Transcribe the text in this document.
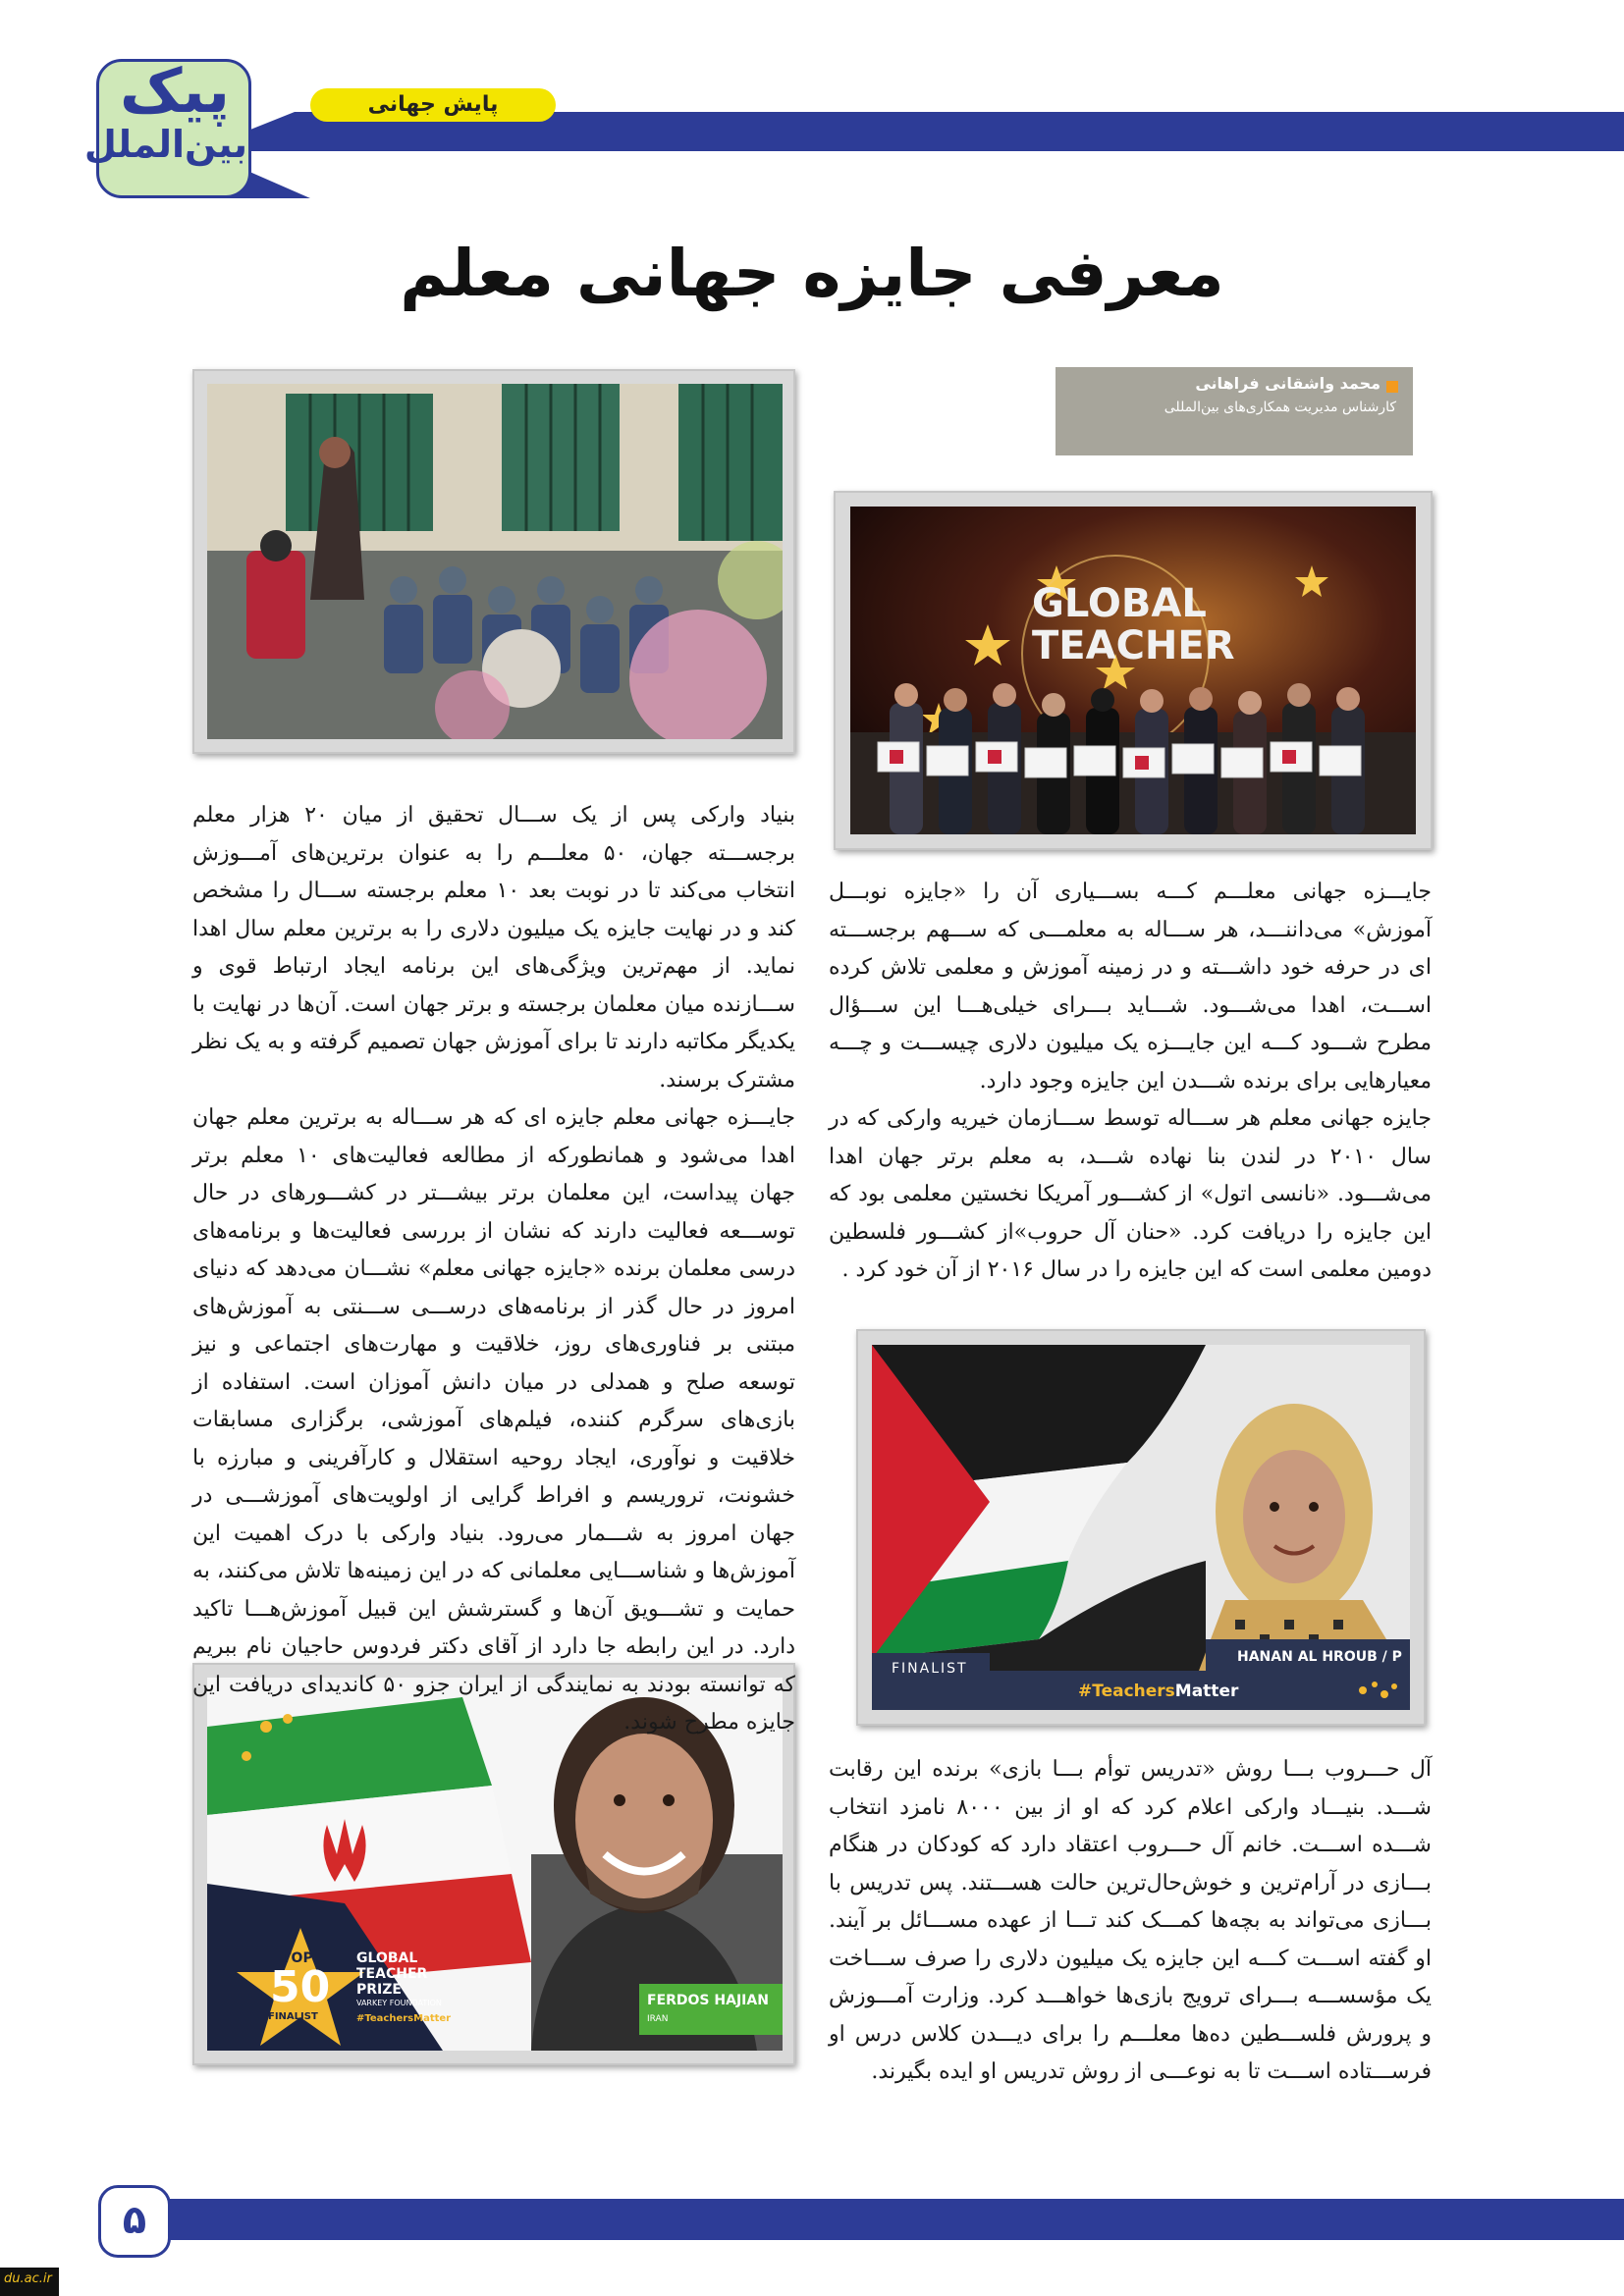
پیک
بین‌الملل
پایش جهانی
معرفی جایزه جهانی معلم
محمد واشقانی فراهانی
کارشناس مدیریت همکاری‌های بین‌المللی
GLOBAL
TEACHER
HANAN AL HROUB / P
FINALIST
#TeachersMatter
TOP
50
FINALIST
GLOBAL
TEACHER
PRIZE
VARKEY FOUNDATION
#TeachersMatter
FERDOS HAJIAN
IRAN

جایـــزه جهانی معلـــم کـــه بســـیاری آن را «جایزه نوبـــل آموزش» می‌داننـــد، هر ســـاله به معلمـــی که ســـهم برجســـته ای در حرفه خود داشـــته و در زمینه آموزش و معلمی تلاش کرده اســـت، اهدا می‌شـــود. شـــاید بـــرای خیلی‌هـــا این ســـؤال مطرح شـــود کـــه این جایـــزه یک میلیون دلاری چیســـت و چـــه معیارهایی برای برنده شـــدن این جایزه وجود دارد.

جایزه جهانی معلم هر ســـاله توسط ســـازمان خیریه وارکی که در سال ۲۰۱۰ در لندن بنا نهاده شـــد، به معلم برتر جهان اهدا می‌شـــود. «نانسی اتول» از کشـــور آمریکا نخستین معلمی بود که این جایزه را دریافت کرد. «حنان آل حروب»از کشـــور فلسطین دومین معلمی است که این جایزه را در سال ۲۰۱۶ از آن خود کرد .

آل حـــروب بـــا روش «تدریس توأم بـــا بازی» برنده این رقابت شـــد. بنیـــاد وارکی اعلام کرد که او از بین ۸۰۰۰ نامزد انتخاب شـــده اســـت. خانم آل حـــروب اعتقاد دارد که کودکان در هنگام بـــازی در آرام‌ترین و خوش‌حال‌ترین حالت هســـتند. پس تدریس با بـــازی می‌تواند به بچه‌ها کمـــک کند تـــا از عهده مســـائل بر آیند. او گفته اســـت کـــه این جایزه یک میلیون دلاری را صرف ســـاخت یک مؤسســـه بـــرای ترویج بازی‌ها خواهـــد کرد. وزارت آمـــوزش و پرورش فلســـطین ده‌ها معلـــم را برای دیـــدن کلاس درس او فرســـتاده اســـت تا به نوعـــی از روش تدریس او ایده بگیرند.

بنیاد وارکی پس از یک ســـال تحقیق از میان ۲۰ هزار معلم برجســـته جهان، ۵۰ معلـــم را به عنوان برترین‌های آمـــوزش انتخاب می‌کند تا در نوبت بعد ۱۰ معلم برجسته ســـال را مشخص کند و در نهایت جایزه یک میلیون دلاری را به برترین معلم سال اهدا نماید. از مهم‌ترین ویژگی‌های این برنامه ایجاد ارتباط قوی و ســـازنده میان معلمان برجسته و برتر جهان است. آن‌ها در نهایت با یکدیگر مکاتبه دارند تا برای آموزش جهان تصمیم گرفته و به یک نظر مشترک برسند.

جایـــزه جهانی معلم جایزه ای که هر ســـاله به برترین معلم جهان اهدا می‌شود و همانطورکه از مطالعه فعالیت‌های ۱۰ معلم برتر جهان پیداست، این معلمان برتر بیشـــتر در کشـــورهای در حال توســـعه فعالیت دارند که نشان از بررسی فعالیت‌ها و برنامه‌های درسی معلمان برنده «جایزه جهانی معلم» نشـــان می‌دهد که دنیای امروز در حال گذر از برنامه‌های درســـی ســـنتی به آموزش‌های مبتنی بر فناوری‌های روز، خلاقیت و مهارت‌های اجتماعی و نیز توسعه صلح و همدلی در میان دانش آموزان است. استفاده از بازی‌های سرگرم کننده، فیلم‌های آموزشی، برگزاری مسابقات خلاقیت و نوآوری، ایجاد روحیه استقلال و کارآفرینی و مبارزه با خشونت، تروریسم و افراط گرایی از اولویت‌های آموزشـــی در جهان امروز به شـــمار می‌رود. بنیاد وارکی با درک اهمیت این آموزش‌ها و شناســـایی معلمانی که در این زمینه‌ها تلاش می‌کنند، به حمایت و تشـــویق آن‌ها و گسترشش این قبیل آموزش‌هـــا تاکید دارد. در این رابطه جا دارد از آقای دکتر فردوس حاجیان نام ببریم که توانسته بودند به نمایندگی از ایران جزو ۵۰ کاندیدای دریافت این جایزه مطرح شوند.

۵
du.ac.ir
